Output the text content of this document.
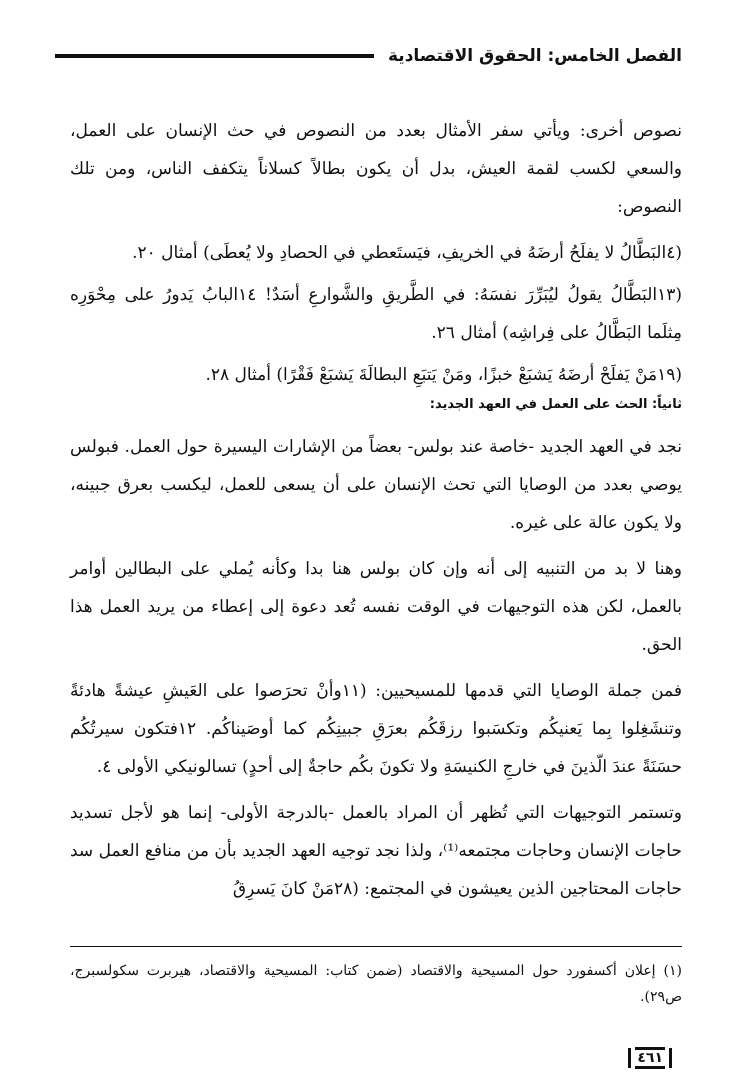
الفصل الخامس: الحقوق الاقتصادية

نصوص أخرى: ويأتي سفر الأمثال بعدد من النصوص في حث الإنسان على العمل، والسعي لكسب لقمة العيش، بدل أن يكون بطالاً كسلاناً يتكفف الناس، ومن تلك النصوص:

(٤البَطَّالُ لا يفلَحُ أرضَهُ في الخريفِ، فيَستَعطي في الحصادِ ولا يُعطَى) أمثال ٢٠.

(١٣البَطَّالُ يقولُ ليُبَرِّرَ نفسَهُ: في الطَّريقِ والشَّوارعِ أسَدٌ! ١٤البابُ يَدورُ على مِحْوَرِه مِثلَما البَطَّالُ على فِراشِه) أمثال ٢٦.

(١٩مَنْ يَفلَحْ أرضَهُ يَشبَعْ خبزًا، ومَنْ يَتبَعِ البطالَةَ يَشبَعْ فَقْرًا) أمثال ٢٨.

ثانياً: الحث على العمل في العهد الجديد:

نجد في العهد الجديد -خاصة عند بولس- بعضاً من الإشارات اليسيرة حول العمل. فبولس يوصي بعدد من الوصايا التي تحث الإنسان على أن يسعى للعمل، ليكسب بعرق جبينه، ولا يكون عالة على غيره.

وهنا لا بد من التنبيه إلى أنه وإن كان بولس هنا بدا وكأنه يُملي على البطالين أوامر بالعمل، لكن هذه التوجيهات في الوقت نفسه تُعد دعوة إلى إعطاء من يريد العمل هذا الحق.

فمن جملة الوصايا التي قدمها للمسيحيين: (١١وأنْ تحرَصوا على العَيشِ عيشةً هادئةً وتنشَغِلوا بِما يَعنيكُم وتكسَبوا رزقَكُم بعرَقِ جبينِكُم كما أوصَيناكُم. ١٢فتكون سيرتُكُم حسَنَةً عندَ الّذينَ في خارجِ الكنيسَةِ ولا تكونَ بكُم حاجةٌ إلى أحدٍ) تسالونيكي الأولى ٤.

وتستمر التوجيهات التي تُظهر أن المراد بالعمل -بالدرجة الأولى- إنما هو لأجل تسديد حاجات الإنسان وحاجات مجتمعه⁽¹⁾، ولذا نجد توجيه العهد الجديد بأن من منافع العمل سد حاجات المحتاجين الذين يعيشون في المجتمع: (٢٨مَنْ كانَ يَسرِقُ

(١) إعلان أكسفورد حول المسيحية والاقتصاد (ضمن كتاب: المسيحية والاقتصاد، هيربرت سكولسبرج، ص٢٩).
٤٦١
